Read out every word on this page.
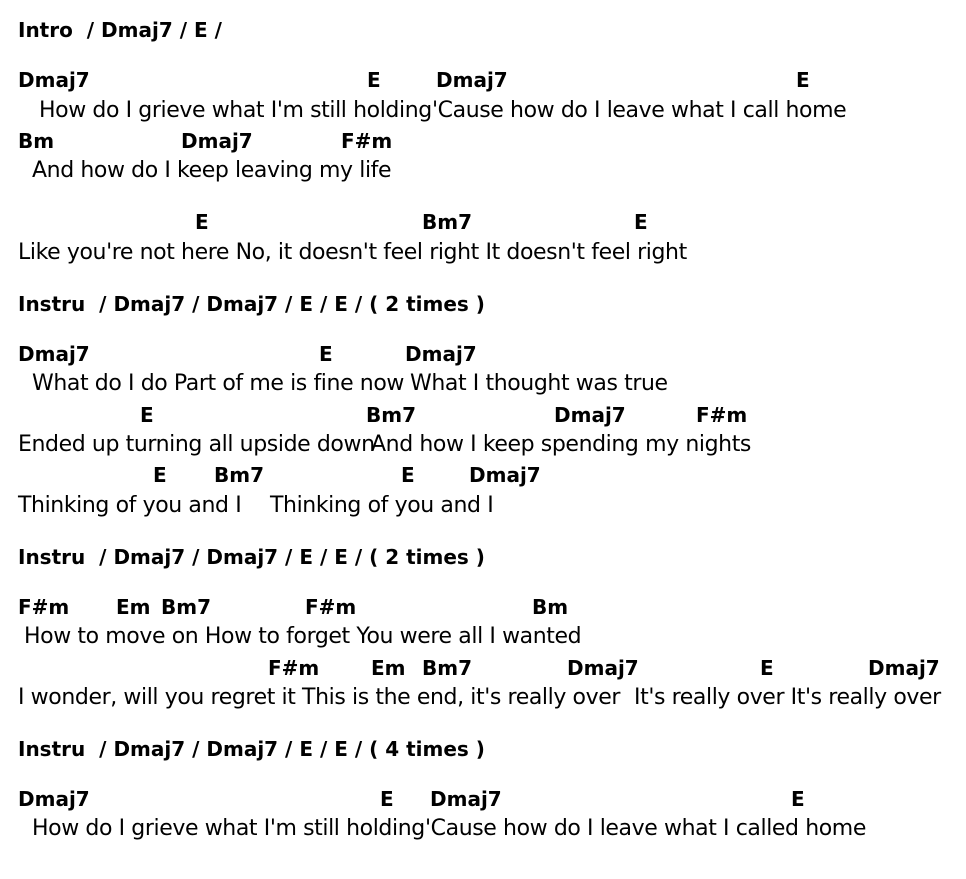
Intro  / Dmaj7 / E /
Dmaj7	E	Dmaj7	E
How do I grieve what I'm still holding 'Cause how do I leave what I call home
Bm	Dmaj7	F#m
And how do I keep leaving my life
E	Bm7	E
Like you're not here No, it doesn't feel right It doesn't feel right
Instru  / Dmaj7 / Dmaj7 / E / E / ( 2 times )
Dmaj7	E	Dmaj7
What do I do Part of me is fine now What I thought was true
E	Bm7	Dmaj7	F#m
Ended up turning all upside down
And how I keep spending my nights
E Bm7	E	Dmaj7
Thinking of you and I Thinking of you and I
Instru  / Dmaj7 / Dmaj7 / E / E / ( 2 times )
F#m Em Bm7	F#m	Bm
How to move on How to forget You were all I wanted
F#m	Em Bm7	Dmaj7	E	Dmaj7
I wonder, will you regret it This is the end, it's really over It's really over It's really over
Instru  / Dmaj7 / Dmaj7 / E / E / ( 4 times )
Dmaj7	E Dmaj7	E
How do I grieve what I'm still holding 'Cause how do I leave what I called home
